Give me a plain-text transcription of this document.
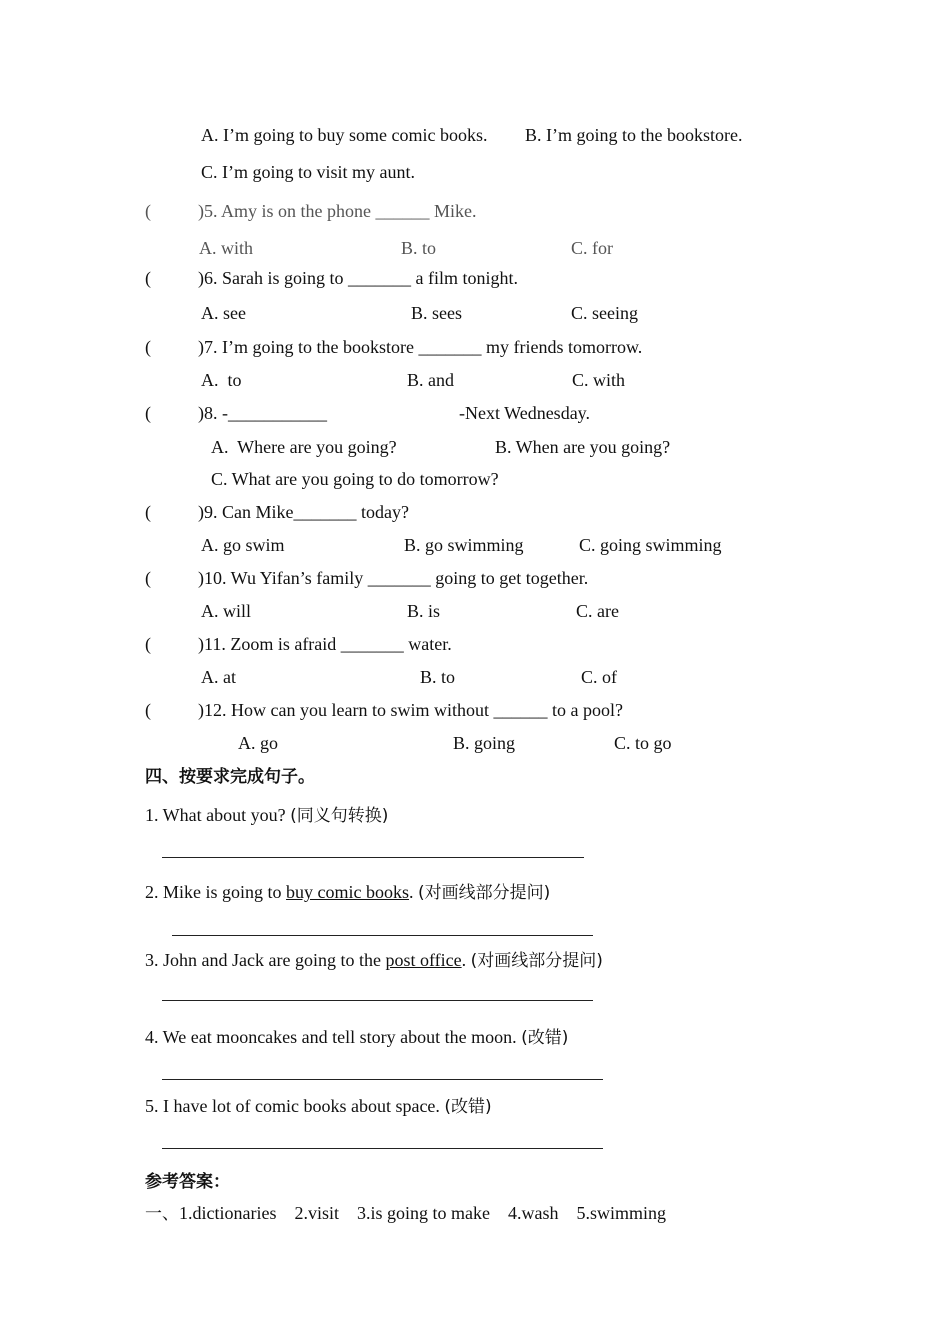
A. I’m going to buy some comic books. B. I’m going to the bookstore.
C. I’m going to visit my aunt.
(	)5. Amy is on the phone ______ Mike.
A. with	B. to	C. for
(	)6. Sarah is going to _______ a film tonight.
A. see	B. sees	C. seeing
(	)7. I’m going to the bookstore _______ my friends tomorrow.
A.  to	B. and	C. with
(	)8. -___________	-Next Wednesday.
A.  Where are you going?	B. When are you going?
C. What are you going to do tomorrow?
(	)9. Can Mike_______ today?
A. go swim	B. go swimming	C. going swimming
(	)10. Wu Yifan’s family _______ going to get together.
A. will	B. is	C. are
(	)11. Zoom is afraid _______ water.
A. at	B. to	C. of
(	)12. How can you learn to swim without ______ to a pool?
A. go	B. going	C. to go
四、按要求完成句子。
1. What about you? (同义句转换)
2. Mike is going to buy comic books. (对画线部分提问)
3. John and Jack are going to the post office. (对画线部分提问)
4. We eat mooncakes and tell story about the moon. (改错)
5. I have lot of comic books about space. (改错)
参考答案：
一、1.dictionaries    2.visit    3.is going to make    4.wash    5.swimming
